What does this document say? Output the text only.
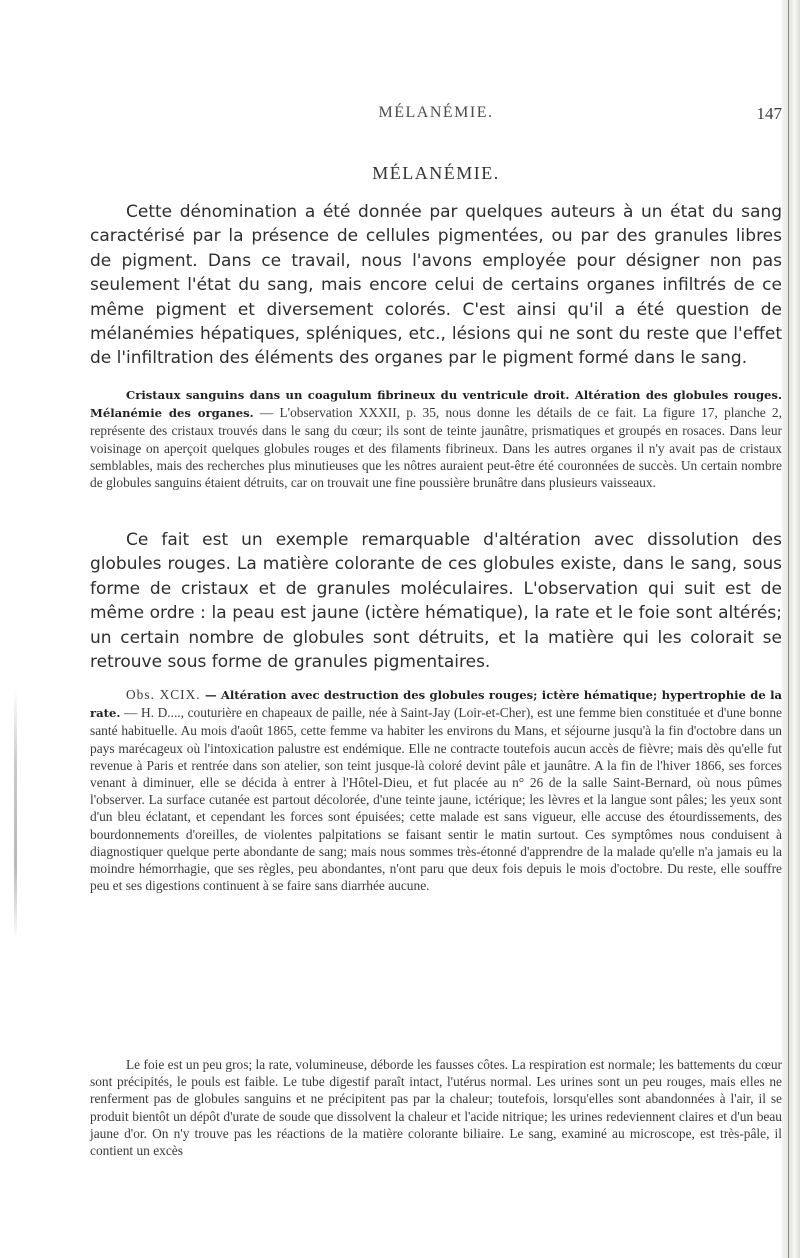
MÉLANÉMIE.	147
MÉLANÉMIE.

Cette dénomination a été donnée par quelques auteurs à un état du sang caractérisé par la présence de cellules pigmentées, ou par des granules libres de pigment. Dans ce travail, nous l'avons employée pour désigner non pas seulement l'état du sang, mais encore celui de certains organes infiltrés de ce même pigment et diversement colorés. C'est ainsi qu'il a été question de mélanémies hépatiques, spléniques, etc., lésions qui ne sont du reste que l'effet de l'infiltration des éléments des organes par le pigment formé dans le sang.

Cristaux sanguins dans un coagulum fibrineux du ventricule droit. Altération des globules rouges. Mélanémie des organes. — L'observation XXXII, p. 35, nous donne les détails de ce fait. La figure 17, planche 2, représente des cristaux trouvés dans le sang du cœur; ils sont de teinte jaunâtre, prismatiques et groupés en rosaces. Dans leur voisinage on aperçoit quelques globules rouges et des filaments fibrineux. Dans les autres organes il n'y avait pas de cristaux semblables, mais des recherches plus minutieuses que les nôtres auraient peut-être été couronnées de succès. Un certain nombre de globules sanguins étaient détruits, car on trouvait une fine poussière brunâtre dans plusieurs vaisseaux.

Ce fait est un exemple remarquable d'altération avec dissolution des globules rouges. La matière colorante de ces globules existe, dans le sang, sous forme de cristaux et de granules moléculaires. L'observation qui suit est de même ordre : la peau est jaune (ictère hématique), la rate et le foie sont altérés; un certain nombre de globules sont détruits, et la matière qui les colorait se retrouve sous forme de granules pigmentaires.

Obs. XCIX. — Altération avec destruction des globules rouges; ictère hématique; hypertrophie de la rate. — H. D...., couturière en chapeaux de paille, née à Saint-Jay (Loir-et-Cher), est une femme bien constituée et d'une bonne santé habituelle. Au mois d'août 1865, cette femme va habiter les environs du Mans, et séjourne jusqu'à la fin d'octobre dans un pays marécageux où l'intoxication palustre est endémique. Elle ne contracte toutefois aucun accès de fièvre; mais dès qu'elle fut revenue à Paris et rentrée dans son atelier, son teint jusque-là coloré devint pâle et jaunâtre. A la fin de l'hiver 1866, ses forces venant à diminuer, elle se décida à entrer à l'Hôtel-Dieu, et fut placée au n° 26 de la salle Saint-Bernard, où nous pûmes l'observer. La surface cutanée est partout décolorée, d'une teinte jaune, ictérique; les lèvres et la langue sont pâles; les yeux sont d'un bleu éclatant, et cependant les forces sont épuisées; cette malade est sans vigueur, elle accuse des étourdissements, des bourdonnements d'oreilles, de violentes palpitations se faisant sentir le matin surtout. Ces symptômes nous conduisent à diagnostiquer quelque perte abondante de sang; mais nous sommes très-étonné d'apprendre de la malade qu'elle n'a jamais eu la moindre hémorrhagie, que ses règles, peu abondantes, n'ont paru que deux fois depuis le mois d'octobre. Du reste, elle souffre peu et ses digestions continuent à se faire sans diarrhée aucune.

Le foie est un peu gros; la rate, volumineuse, déborde les fausses côtes. La respiration est normale; les battements du cœur sont précipités, le pouls est faible. Le tube digestif paraît intact, l'utérus normal. Les urines sont un peu rouges, mais elles ne renferment pas de globules sanguins et ne précipitent pas par la chaleur; toutefois, lorsqu'elles sont abandonnées à l'air, il se produit bientôt un dépôt d'urate de soude que dissolvent la chaleur et l'acide nitrique; les urines redeviennent claires et d'un beau jaune d'or. On n'y trouve pas les réactions de la matière colorante biliaire. Le sang, examiné au microscope, est très-pâle, il contient un excès
